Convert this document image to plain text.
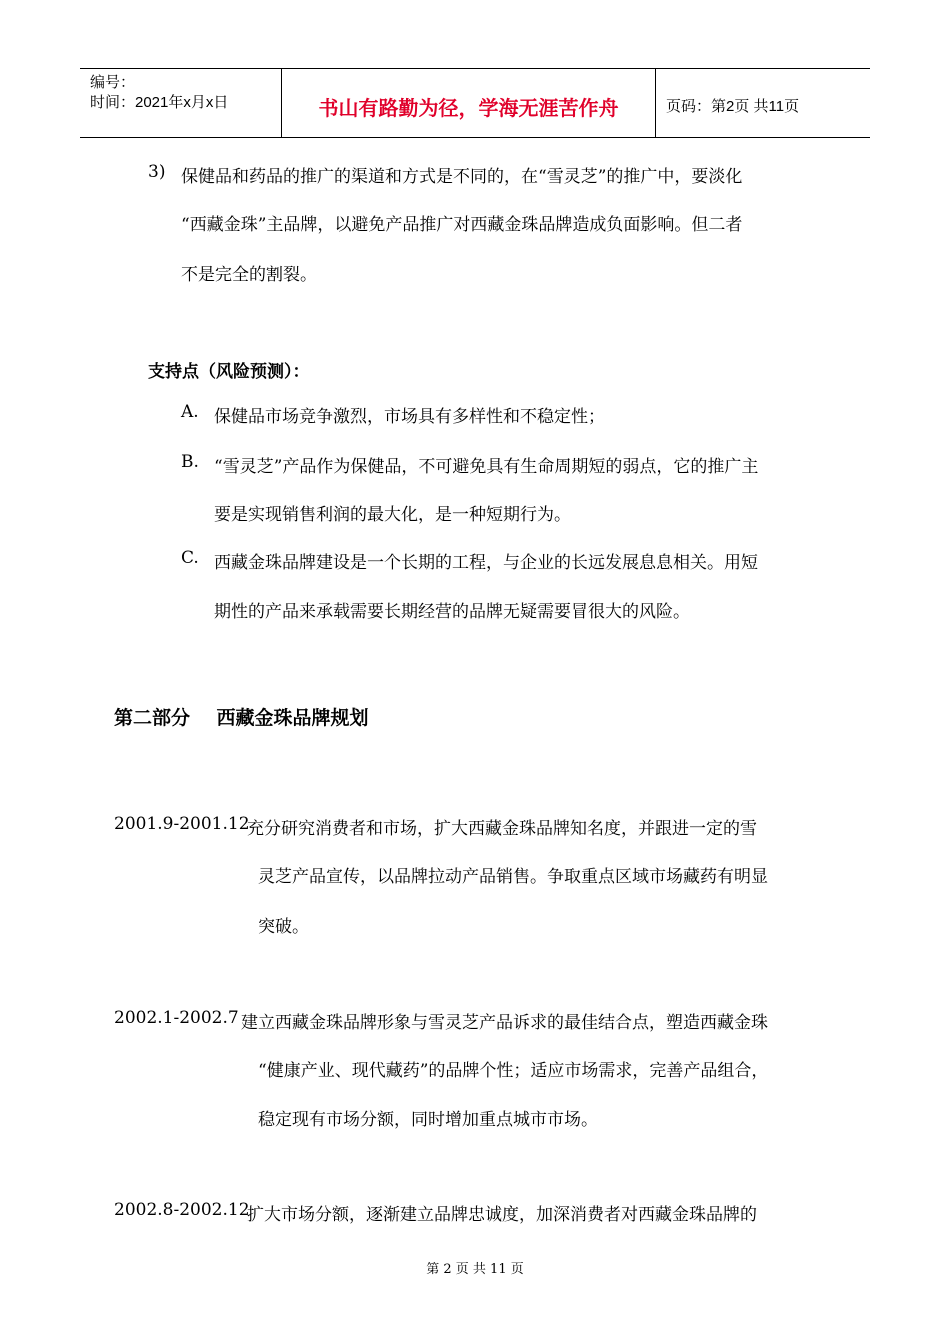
编号：
时间：2021年x月x日	书山有路勤为径，学海无涯苦作舟	页码：第2页 共11页
3) 保健品和药品的推广的渠道和方式是不同的，在“雪灵芝”的推广中，要淡化
“西藏金珠”主品牌，以避免产品推广对西藏金珠品牌造成负面影响。但二者
不是完全的割裂。
支持点（风险预测）：
A. 保健品市场竞争激烈，市场具有多样性和不稳定性；
B. “雪灵芝”产品作为保健品，不可避免具有生命周期短的弱点，它的推广主
要是实现销售利润的最大化，是一种短期行为。
C. 西藏金珠品牌建设是一个长期的工程，与企业的长远发展息息相关。用短
期性的产品来承载需要长期经营的品牌无疑需要冒很大的风险。
第二部分    西藏金珠品牌规划
2001.9-2001.12
充分研究消费者和市场，扩大西藏金珠品牌知名度，并跟进一定的雪
灵芝产品宣传，以品牌拉动产品销售。争取重点区域市场藏药有明显
突破。
2002.1-2002.7 建立西藏金珠品牌形象与雪灵芝产品诉求的最佳结合点，塑造西藏金珠
“健康产业、现代藏药”的品牌个性；适应市场需求，完善产品组合，
稳定现有市场分额，同时增加重点城市市场。
2002.8-2002.12
扩大市场分额，逐渐建立品牌忠诚度，加深消费者对西藏金珠品牌的
第 2 页 共 11 页
